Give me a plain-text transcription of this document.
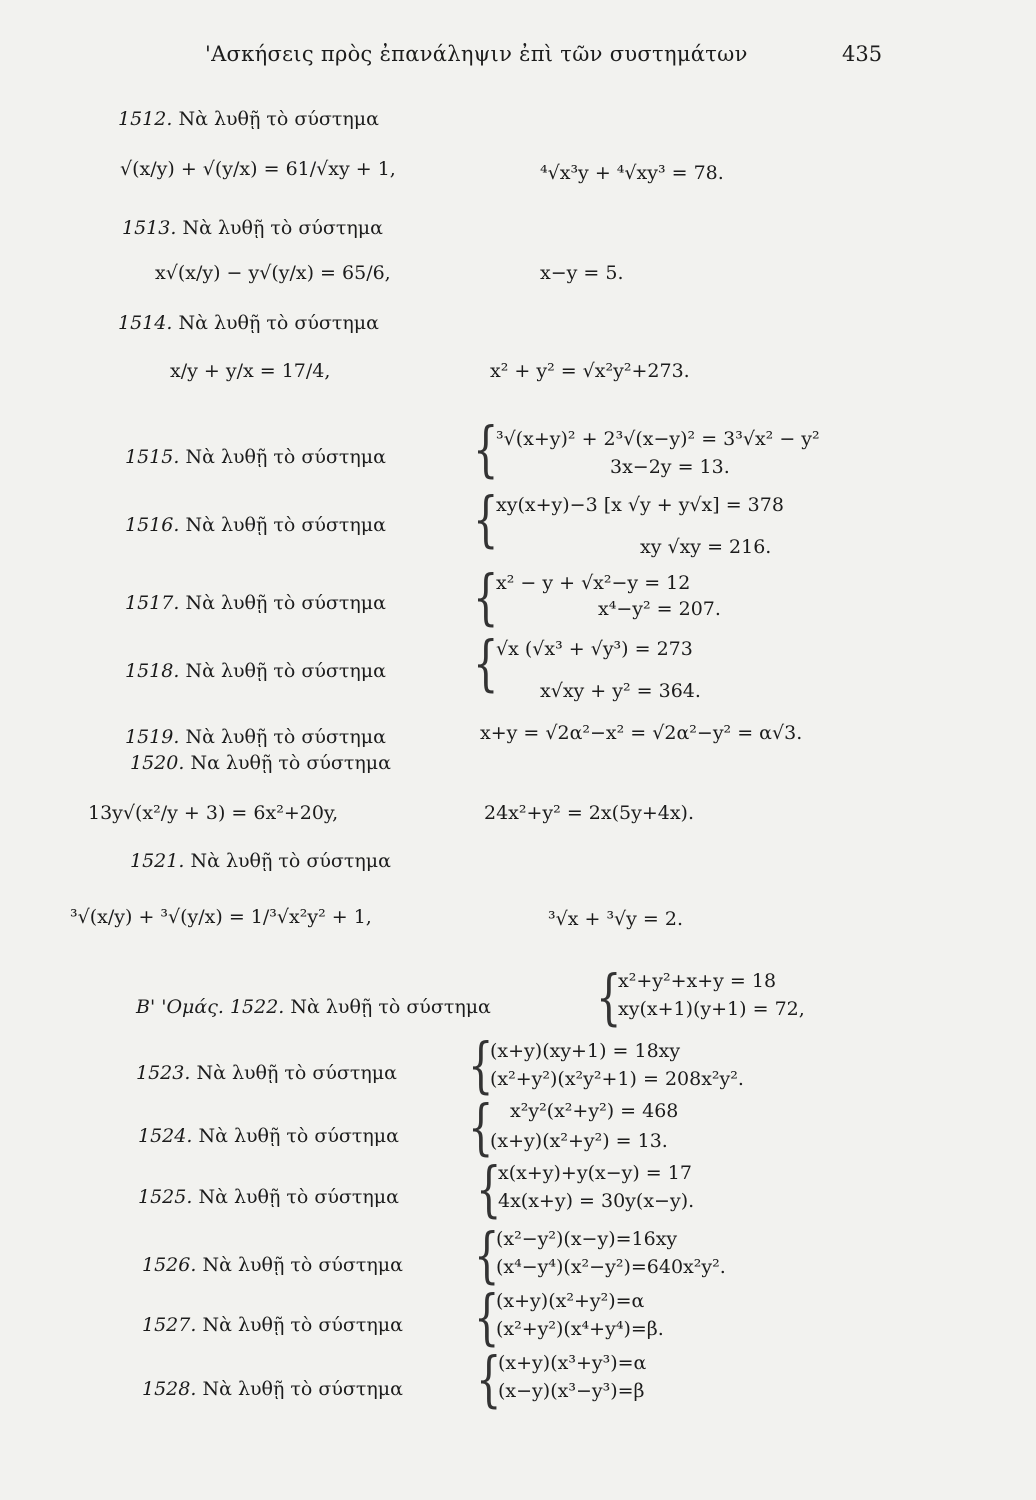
'Ασκήσεις πρὸς ἐπανάληψιν ἐπὶ τῶν συστημάτων	435
1512. Νὰ λυθῇ τὸ σύστημα
√(x/y) + √(y/x) = 61/√xy + 1,	⁴√x³y + ⁴√xy³ = 78.
1513. Νὰ λυθῇ τὸ σύστημα
x√(x/y) − y√(y/x) = 65/6,	x−y = 5.
1514. Νὰ λυθῇ τὸ σύστημα
x/y + y/x = 17/4,	x² + y² = √x²y²+273.
1515. Νὰ λυθῇ τὸ σύστημα {
³√(x+y)² + 2³√(x−y)² = 3³√x² − y²
3x−2y = 13.
1516. Νὰ λυθῇ τὸ σύστημα {
xy(x+y)−3 [x √y + y√x] = 378
xy √xy = 216.
1517. Νὰ λυθῇ τὸ σύστημα {
x² − y + √x²−y = 12
x⁴−y² = 207.
1518. Νὰ λυθῇ τὸ σύστημα {
√x (√x³ + √y³) = 273
x√xy + y² = 364.
1519. Νὰ λυθῇ τὸ σύστημα	x+y = √2α²−x² = √2α²−y² = α√3.
1520. Να λυθῇ τὸ σύστημα
13y√(x²/y + 3) = 6x²+20y,	24x²+y² = 2x(5y+4x).
1521. Νὰ λυθῇ τὸ σύστημα
³√(x/y) + ³√(y/x) = 1/³√x²y² + 1,	³√x + ³√y = 2.
Β' 'Ομάς. 1522. Νὰ λυθῇ τὸ σύστημα	{
x²+y²+x+y = 18
xy(x+1)(y+1) = 72,
1523. Νὰ λυθῇ τὸ σύστημα {
(x+y)(xy+1) = 18xy
(x²+y²)(x²y²+1) = 208x²y².
1524. Νὰ λυθῇ τὸ σύστημα { x²y²(x²+y²) = 468
(x+y)(x²+y²) = 13.
1525. Νὰ λυθῇ τὸ σύστημα {
x(x+y)+y(x−y) = 17
4x(x+y) = 30y(x−y).
1526. Νὰ λυθῇ τὸ σύστημα {
(x²−y²)(x−y)=16xy
(x⁴−y⁴)(x²−y²)=640x²y².
1527. Νὰ λυθῇ τὸ σύστημα {
(x+y)(x²+y²)=α
(x²+y²)(x⁴+y⁴)=β.
1528. Νὰ λυθῇ τὸ σύστημα {
(x+y)(x³+y³)=α
(x−y)(x³−y³)=β
